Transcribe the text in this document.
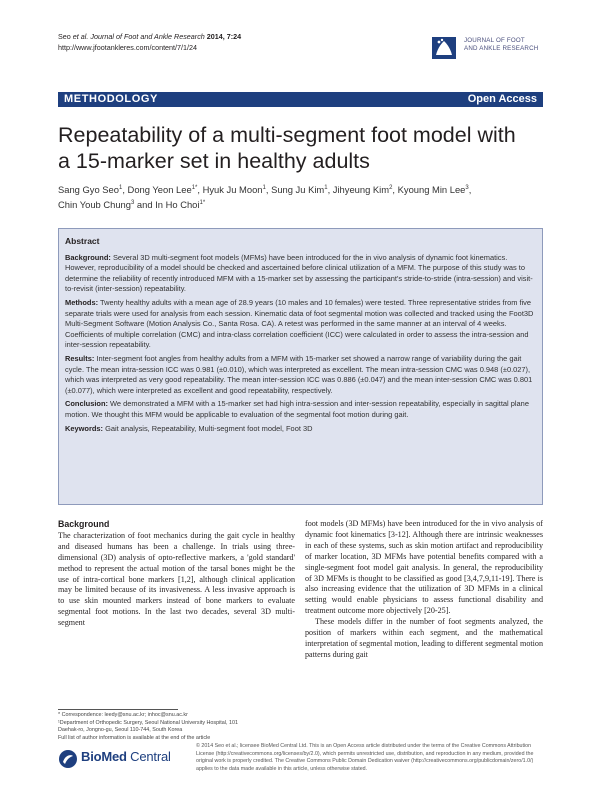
Seo et al. Journal of Foot and Ankle Research 2014, 7:24
http://www.jfootankleres.com/content/7/1/24
JOURNAL OF FOOT
AND ANKLE RESEARCH
METHODOLOGY	Open Access
Repeatability of a multi-segment foot model with
a 15-marker set in healthy adults
Sang Gyo Seo$^1$, Dong Yeon Lee$^{1*}$, Hyuk Ju Moon$^1$, Sung Ju Kim$^1$, Jihyeung Kim$^2$, Kyoung Min Lee$^3$,
Chin Youb Chung$^3$ and In Ho Choi$^{1*}$
Abstract

Background: Several 3D multi-segment foot models (MFMs) have been introduced for the in vivo analysis of dynamic foot kinematics. However, reproducibility of a model should be checked and ascertained before clinical utilization of a MFM. The purpose of this study was to determine the reliability of recently introduced MFM with a 15-marker set by assessing the participant's stride-to-stride (intra-session) and visit-to-revisit (inter-session) repeatability.

Methods: Twenty healthy adults with a mean age of 28.9 years (10 males and 10 females) were tested. Three representative strides from five separate trials were used for analysis from each session. Kinematic data of foot segmental motion was collected and tracked using the Foot3D Multi-Segment Software (Motion Analysis Co., Santa Rosa. CA). A retest was performed in the same manner at an interval of 4 weeks. Coefficients of multiple correlation (CMC) and intra-class correlation coefficient (ICC) were calculated in order to assess the intra-session and inter-session repeatability.

Results: Inter-segment foot angles from healthy adults from a MFM with 15-marker set showed a narrow range of variability during the gait cycle. The mean intra-session ICC was 0.981 (±0.010), which was interpreted as excellent. The mean intra-session CMC was 0.948 (±0.027), which was interpreted as very good repeatability. The mean inter-session ICC was 0.886 (±0.047) and the mean inter-session CMC was 0.801 (±0.077), which were interpreted as excellent and good repeatability, respectively.

Conclusion: We demonstrated a MFM with a 15-marker set had high intra-session and inter-session repeatability, especially in sagittal plane motion. We thought this MFM would be applicable to evaluation of the segmental foot motion during gait.

Keywords: Gait analysis, Repeatability, Multi-segment foot model, Foot 3D

Background

The characterization of foot mechanics during the gait cycle in healthy and diseased humans has been a challenge. In trials using three-dimensional (3D) analysis of opto-reflective markers, a 'gold standard' method to represent the actual motion of the tarsal bones might be the use of intra-cortical bone markers [1,2], although clinical application may be limited because of its invasiveness. A less invasive approach is to use skin mounted markers instead of bone markers to evaluate segmental foot motions. In the last two decades, several 3D multi-segment

foot models (3D MFMs) have been introduced for the in vivo analysis of dynamic foot kinematics [3-12]. Although there are intrinsic weaknesses in each of these systems, such as skin motion artifact and reproducibility of marker location, 3D MFMs have potential benefits compared with a single-segment foot model gait analysis. In general, the reproducibility of 3D MFMs is thought to be classified as good [3,4,7,9,11-19]. There is also increasing evidence that the utilization of 3D MFMs in a clinical setting would enable physicians to assess functional disability and treatment outcome more objectively [20-25].

These models differ in the number of foot segments analyzed, the position of markers within each segment, and the mathematical interpretation of segmental motion, leading to different segmental motion patterns during gait

* Correspondence: leedy@snu.ac.kr; inhoc@snu.ac.kr
¹Department of Orthopedic Surgery, Seoul National University Hospital, 101
Daehak-ro, Jongno-gu, Seoul 110-744, South Korea
Full list of author information is available at the end of the article
BioMed Central
© 2014 Seo et al.; licensee BioMed Central Ltd. This is an Open Access article distributed under the terms of the Creative Commons Attribution License (http://creativecommons.org/licenses/by/2.0), which permits unrestricted use, distribution, and reproduction in any medium, provided the original work is properly credited. The Creative Commons Public Domain Dedication waiver (http://creativecommons.org/publicdomain/zero/1.0/) applies to the data made available in this article, unless otherwise stated.
